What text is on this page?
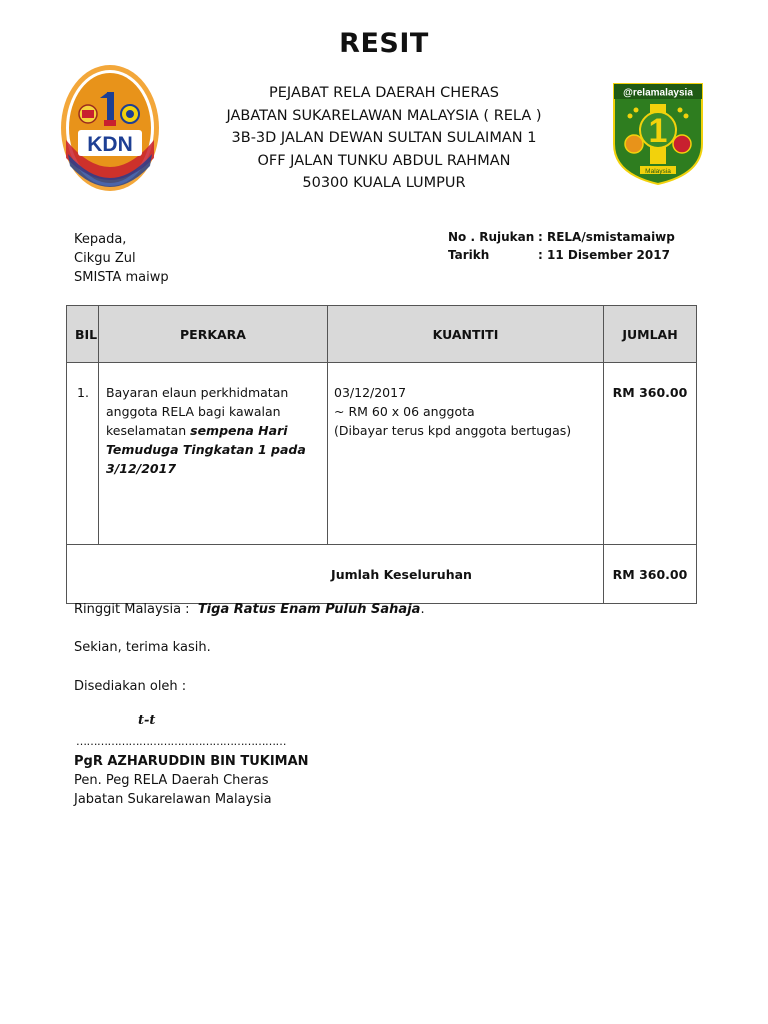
RESIT
KDN
PEJABAT RELA DAERAH CHERAS
JABATAN SUKARELAWAN MALAYSIA ( RELA )
3B-3D JALAN DEWAN SULTAN SULAIMAN 1
OFF JALAN TUNKU ABDUL RAHMAN
50300 KUALA LUMPUR
@relamalaysia
1
Malaysia
Kepada,
Cikgu Zul
SMISTA maiwp
No . Rujukan : RELA/smistamaiwp
Tarikh	: 11 Disember 2017
BIL	PERKARA	KUANTITI	JUMLAH
1.	Bayaran elaun perkhidmatan anggota RELA bagi kawalan keselamatan sempena Hari Temuduga Tingkatan 1 pada 3/12/2017	03/12/2017
~ RM 60 x 06 anggota
(Dibayar terus kpd anggota bertugas)	RM 360.00
Jumlah Keseluruhan			RM 360.00
Ringgit Malaysia : Tiga Ratus Enam Puluh Sahaja.
Sekian, terima kasih.
Disediakan oleh :
t-t
……………………………………………………
PgR AZHARUDDIN BIN TUKIMAN
Pen. Peg RELA Daerah Cheras
Jabatan Sukarelawan Malaysia
